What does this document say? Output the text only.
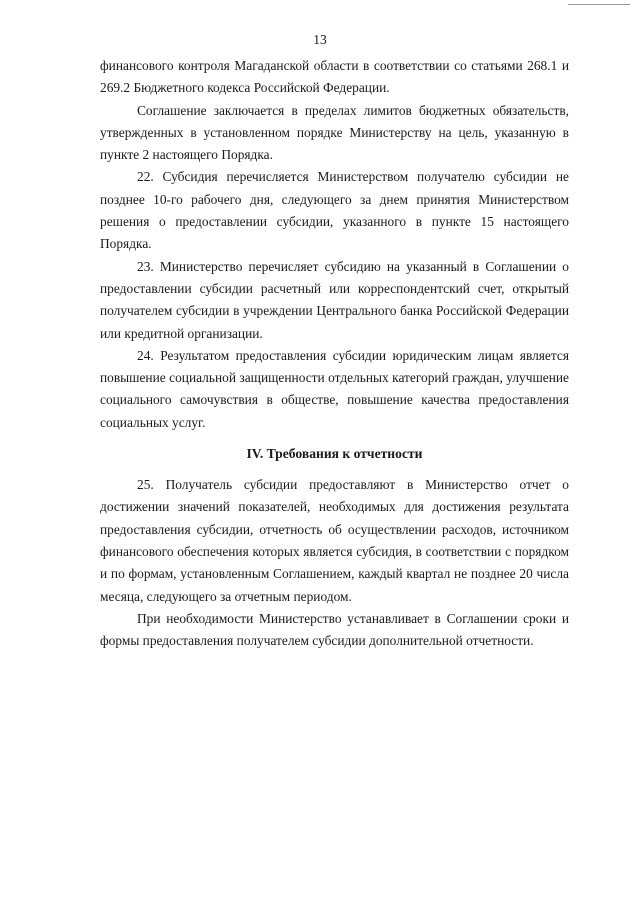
13

финансового контроля Магаданской области в соответствии со статьями 268.1 и 269.2 Бюджетного кодекса Российской Федерации.

Соглашение заключается в пределах лимитов бюджетных обязательств, утвержденных в установленном порядке Министерству на цель, указанную в пункте 2 настоящего Порядка.

22. Субсидия перечисляется Министерством получателю субсидии не позднее 10-го рабочего дня, следующего за днем принятия Министерством решения о предоставлении субсидии, указанного в пункте 15 настоящего Порядка.

23. Министерство перечисляет субсидию на указанный в Соглашении о предоставлении субсидии расчетный или корреспондентский счет, открытый получателем субсидии в учреждении Центрального банка Российской Федерации или кредитной организации.

24. Результатом предоставления субсидии юридическим лицам является повышение социальной защищенности отдельных категорий граждан, улучшение социального самочувствия в обществе, повышение качества предоставления социальных услуг.

IV. Требования к отчетности

25. Получатель субсидии предоставляют в Министерство отчет о достижении значений показателей, необходимых для достижения результата предоставления субсидии, отчетность об осуществлении расходов, источником финансового обеспечения которых является субсидия, в соответствии с порядком и по формам, установленным Соглашением, каждый квартал не позднее 20 числа месяца, следующего за отчетным периодом.

При необходимости Министерство устанавливает в Соглашении сроки и формы предоставления получателем субсидии дополнительной отчетности.
